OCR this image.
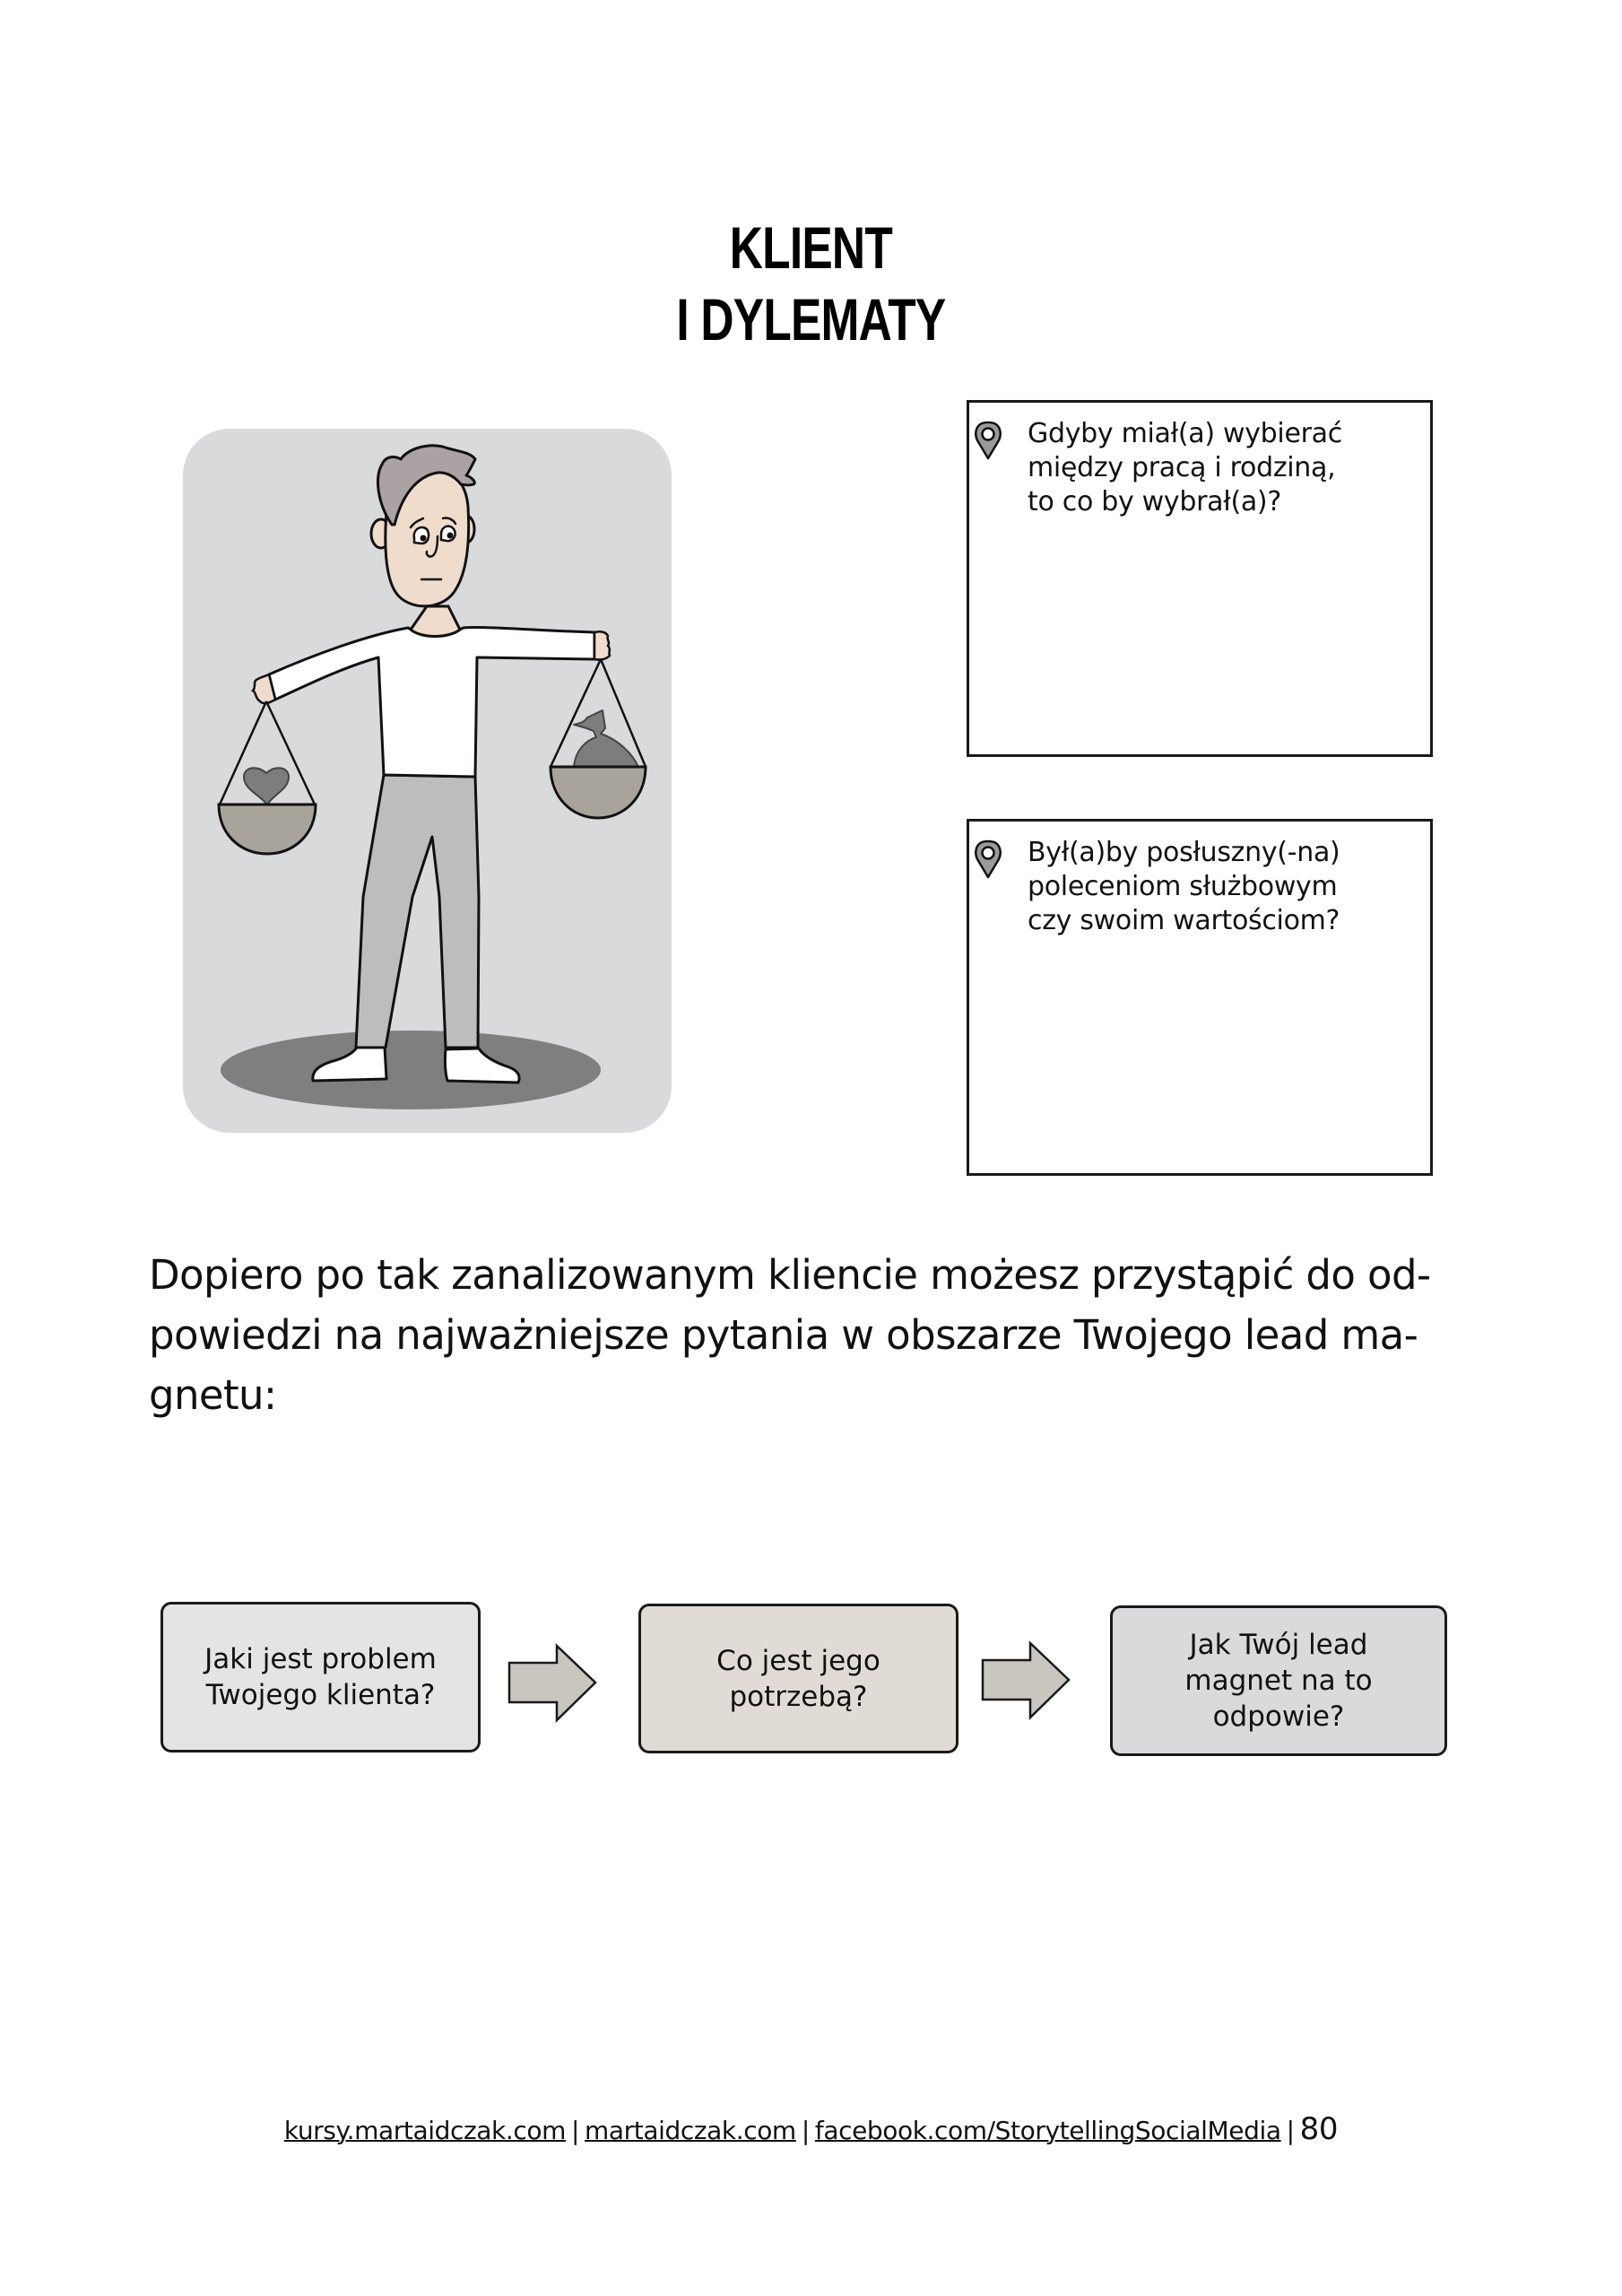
KLIENT
I DYLEMATY
Gdyby miał(a) wybierać
między pracą i rodziną,
to co by wybrał(a)?
Był(a)by posłuszny(-na)
poleceniom służbowym
czy swoim wartościom?
Dopiero po tak zanalizowanym kliencie możesz przystąpić do od-
powiedzi na najważniejsze pytania w obszarze Twojego lead ma-
gnetu:
Jaki jest problem
Twojego klienta?
Co jest jego
potrzebą?
Jak Twój lead
magnet na to
odpowie?
kursy.martaidczak.com | martaidczak.com | facebook.com/StorytellingSocialMedia | 80
